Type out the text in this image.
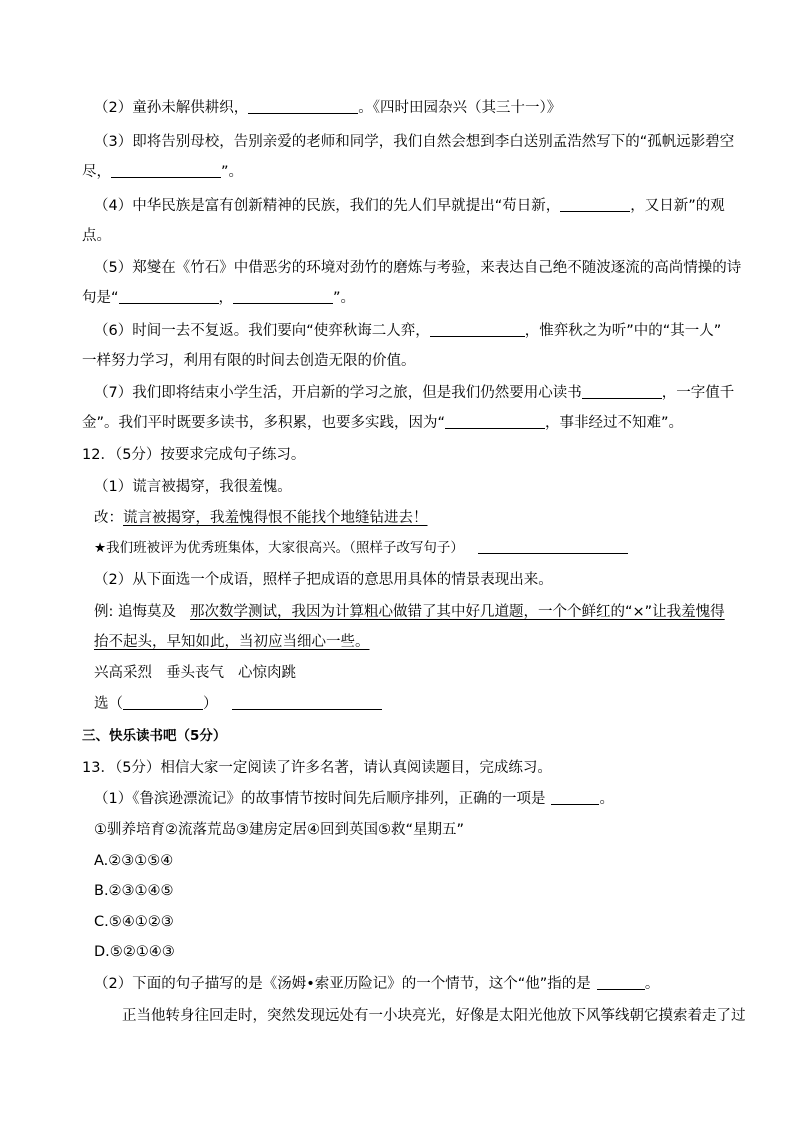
（2）童孙未解供耕织，	。《四时田园杂兴（其三十一）》
（3）即将告别母校，告别亲爱的老师和同学，我们自然会想到李白送别孟浩然写下的“孤帆远影碧空
尽，	”。
（4）中华民族是富有创新精神的民族，我们的先人们早就提出“苟日新，	，又日新”的观
点。
（5）郑燮在《竹石》中借恶劣的环境对劲竹的磨炼与考验，来表达自己绝不随波逐流的高尚情操的诗
句是“	，	”。
（6）时间一去不复返。我们要向“使弈秋诲二人弈，	，惟弈秋之为听”中的“其一人”
一样努力学习，利用有限的时间去创造无限的价值。
（7）我们即将结束小学生活，开启新的学习之旅，但是我们仍然要用心读书	，一字值千
金”。我们平时既要多读书，多积累，也要多实践，因为“	，事非经过不知难”。
12．（5分）按要求完成句子练习。
（1）谎言被揭穿，我很羞愧。
改：谎言被揭穿，我羞愧得恨不能找个地缝钻进去！
★我们班被评为优秀班集体，大家很高兴。（照样子改写句子）
（2）从下面选一个成语，照样子把成语的意思用具体的情景表现出来。
例: 追悔莫及 那次数学测试，我因为计算粗心做错了其中好几道题，一个个鲜红的“×”让我羞愧得
抬不起头，早知如此，当初应当细心一些。
兴高采烈 垂头丧气 心惊肉跳
选（	）
三、快乐读书吧（5分）
13．（5分）相信大家一定阅读了许多名著，请认真阅读题目，完成练习。
（1）《鲁滨逊漂流记》的故事情节按时间先后顺序排列，正确的一项是	。
①驯养培育②流落荒岛③建房定居④回到英国⑤救“星期五”
A.②③①⑤④
B.②③①④⑤
C.⑤④①②③
D.⑤②①④③
（2）下面的句子描写的是《汤姆•索亚历险记》的一个情节，这个“他”指的是	。
正当他转身往回走时，突然发现远处有一小块亮光，好像是太阳光他放下风筝线朝它摸索着走了过
